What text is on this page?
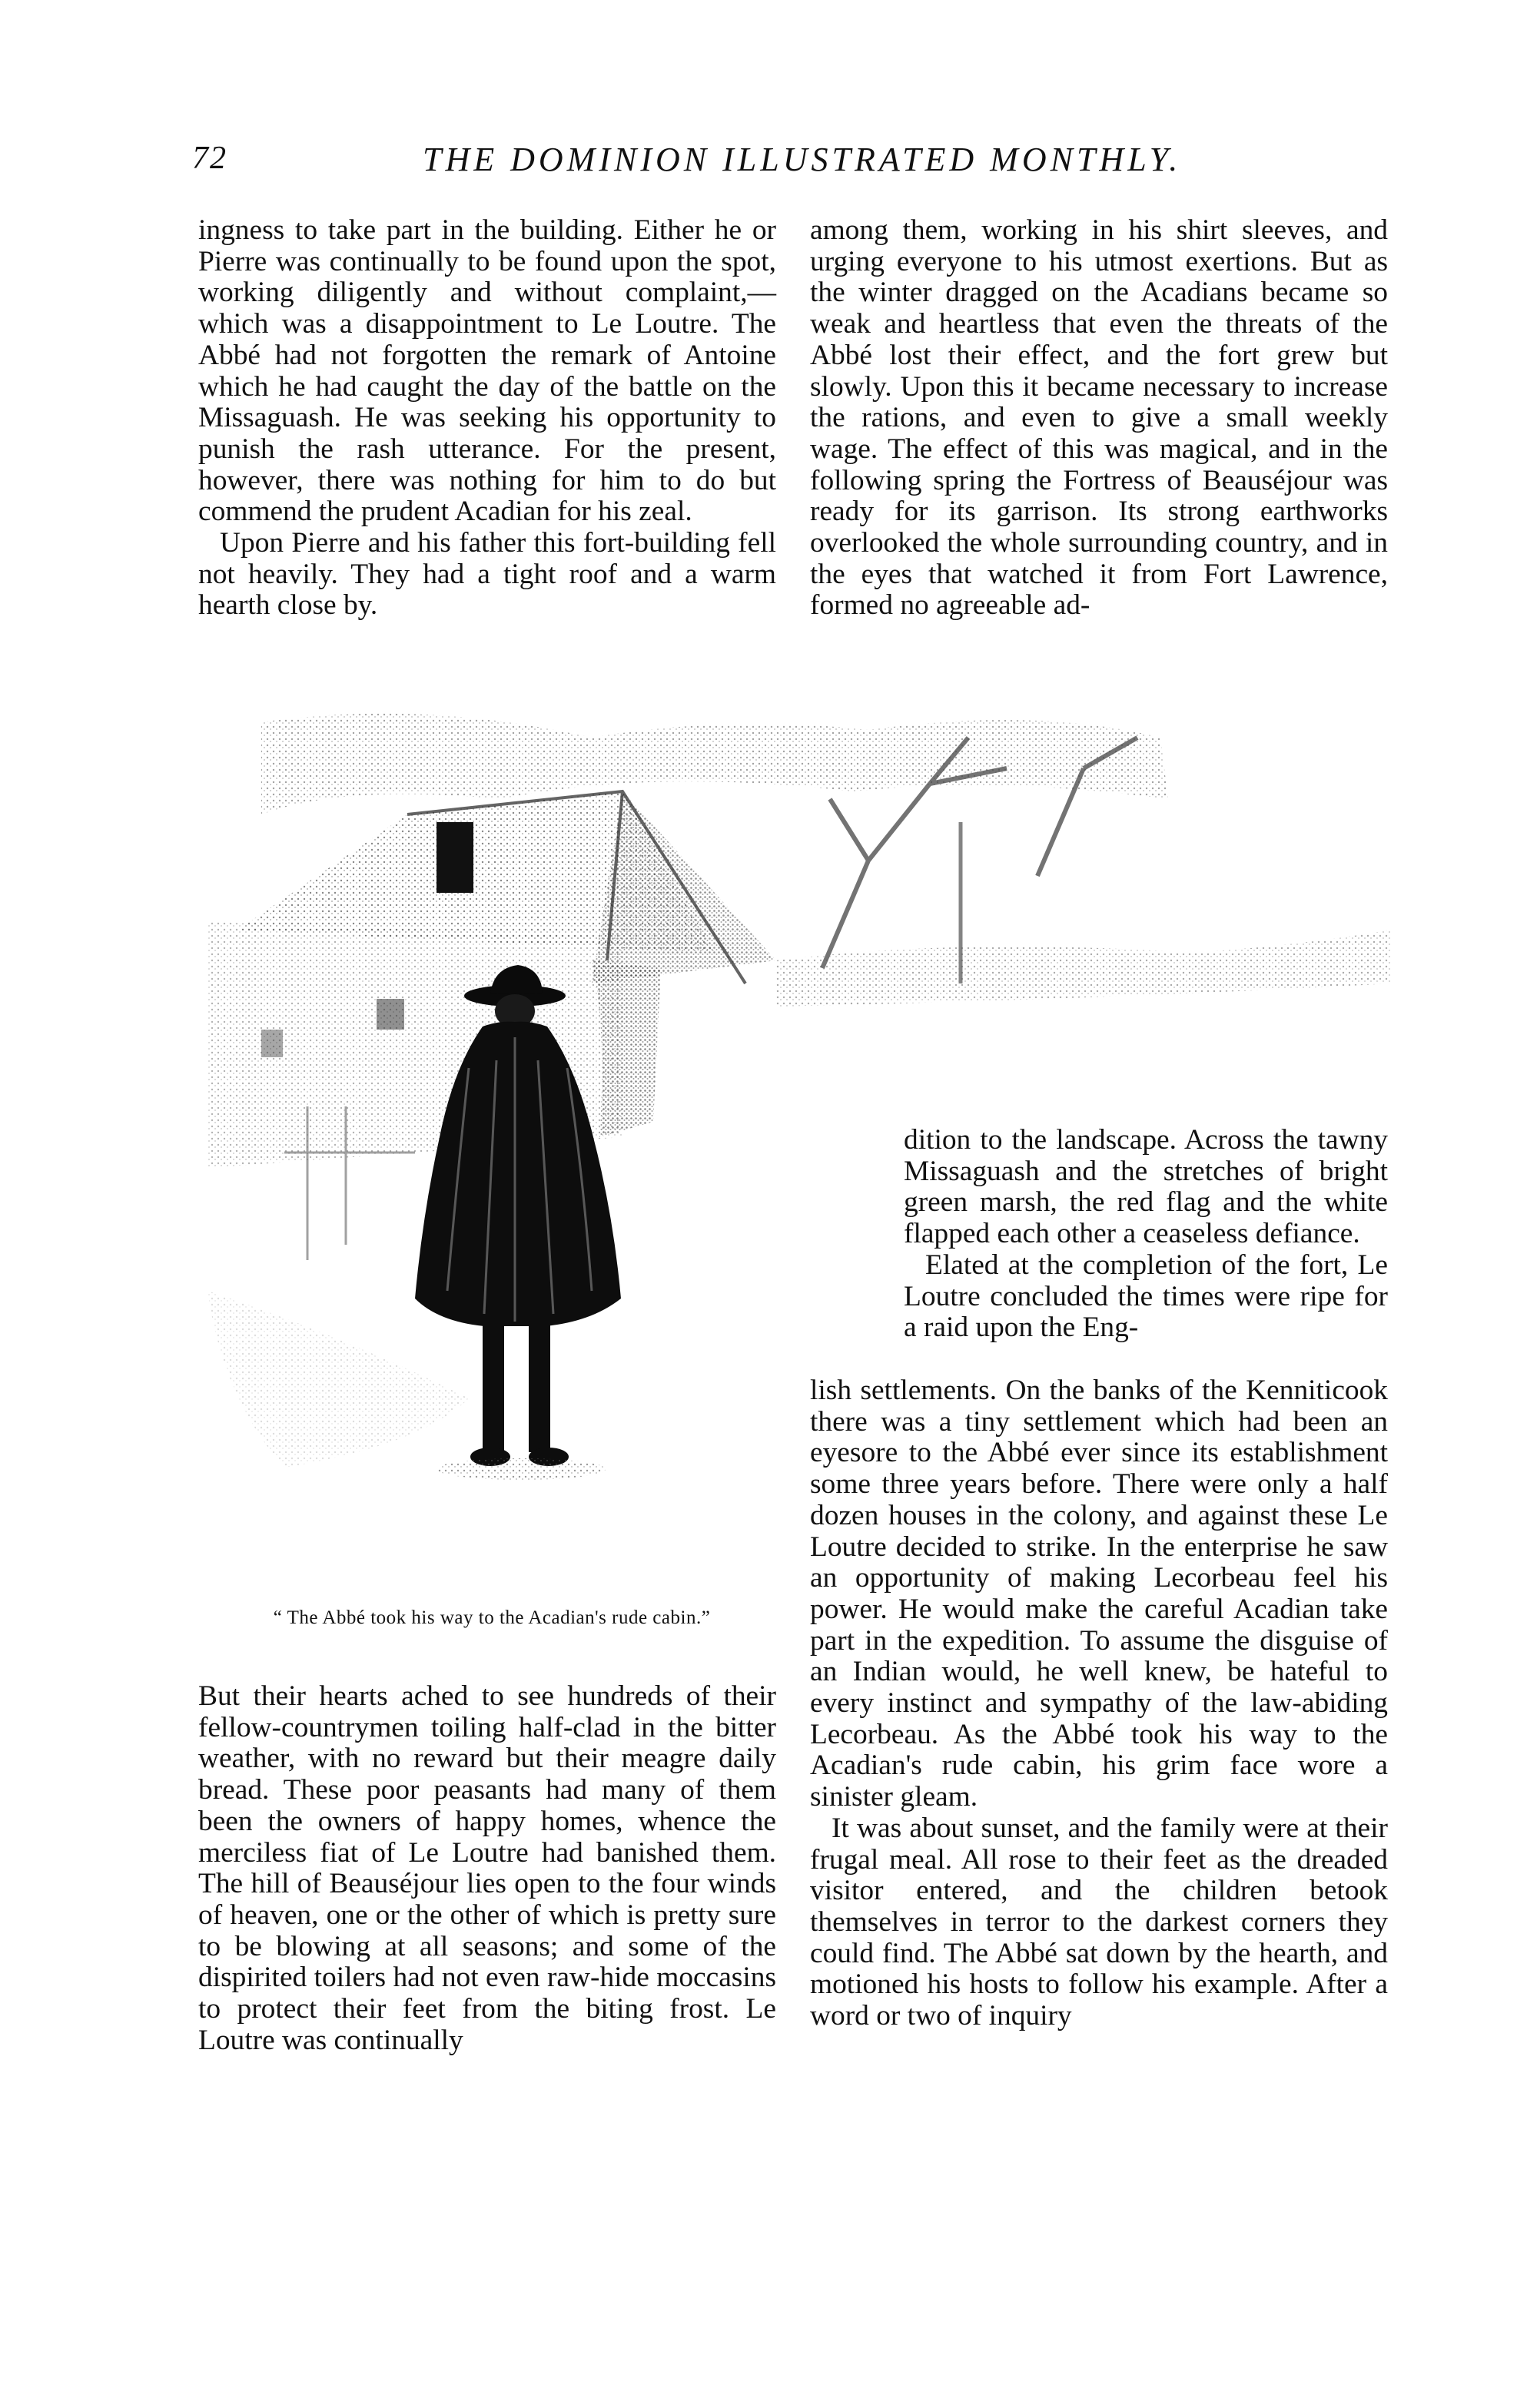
72	THE DOMINION ILLUSTRATED MONTHLY.

ingness to take part in the building. Either he or Pierre was continually to be found upon the spot, working diligently and without complaint,—which was a disappointment to Le Loutre. The Abbé had not forgotten the remark of Antoine which he had caught the day of the battle on the Missaguash. He was seeking his opportunity to punish the rash utterance. For the present, however, there was nothing for him to do but commend the prudent Acadian for his zeal.

Upon Pierre and his father this fort-building fell not heavily. They had a tight roof and a warm hearth close by.

among them, working in his shirt sleeves, and urging everyone to his utmost exertions. But as the winter dragged on the Acadians became so weak and heartless that even the threats of the Abbé lost their effect, and the fort grew but slowly. Upon this it became necessary to increase the rations, and even to give a small weekly wage. The effect of this was magical, and in the following spring the Fortress of Beauséjour was ready for its garrison. Its strong earthworks overlooked the whole surrounding country, and in the eyes that watched it from Fort Lawrence, formed no agreeable ad-

dition to the landscape. Across the tawny Missaguash and the stretches of bright green marsh, the red flag and the white flapped each other a ceaseless defiance.

Elated at the completion of the fort, Le Loutre concluded the times were ripe for a raid upon the Eng-

lish settlements. On the banks of the Kenniticook there was a tiny settlement which had been an eyesore to the Abbé ever since its establishment some three years before. There were only a half dozen houses in the colony, and against these Le Loutre decided to strike. In the enterprise he saw an opportunity of making Lecorbeau feel his power. He would make the careful Acadian take part in the expedition. To assume the disguise of an Indian would, he well knew, be hateful to every instinct and sympathy of the law-abiding Lecorbeau. As the Abbé took his way to the Acadian's rude cabin, his grim face wore a sinister gleam.

It was about sunset, and the family were at their frugal meal. All rose to their feet as the dreaded visitor entered, and the children betook themselves in terror to the darkest corners they could find. The Abbé sat down by the hearth, and motioned his hosts to follow his example. After a word or two of inquiry

“ The Abbé took his way to the Acadian's rude cabin.”

But their hearts ached to see hundreds of their fellow-countrymen toiling half-clad in the bitter weather, with no reward but their meagre daily bread. These poor peasants had many of them been the owners of happy homes, whence the merciless fiat of Le Loutre had banished them. The hill of Beauséjour lies open to the four winds of heaven, one or the other of which is pretty sure to be blowing at all seasons; and some of the dispirited toilers had not even raw-hide moccasins to protect their feet from the biting frost. Le Loutre was continually
